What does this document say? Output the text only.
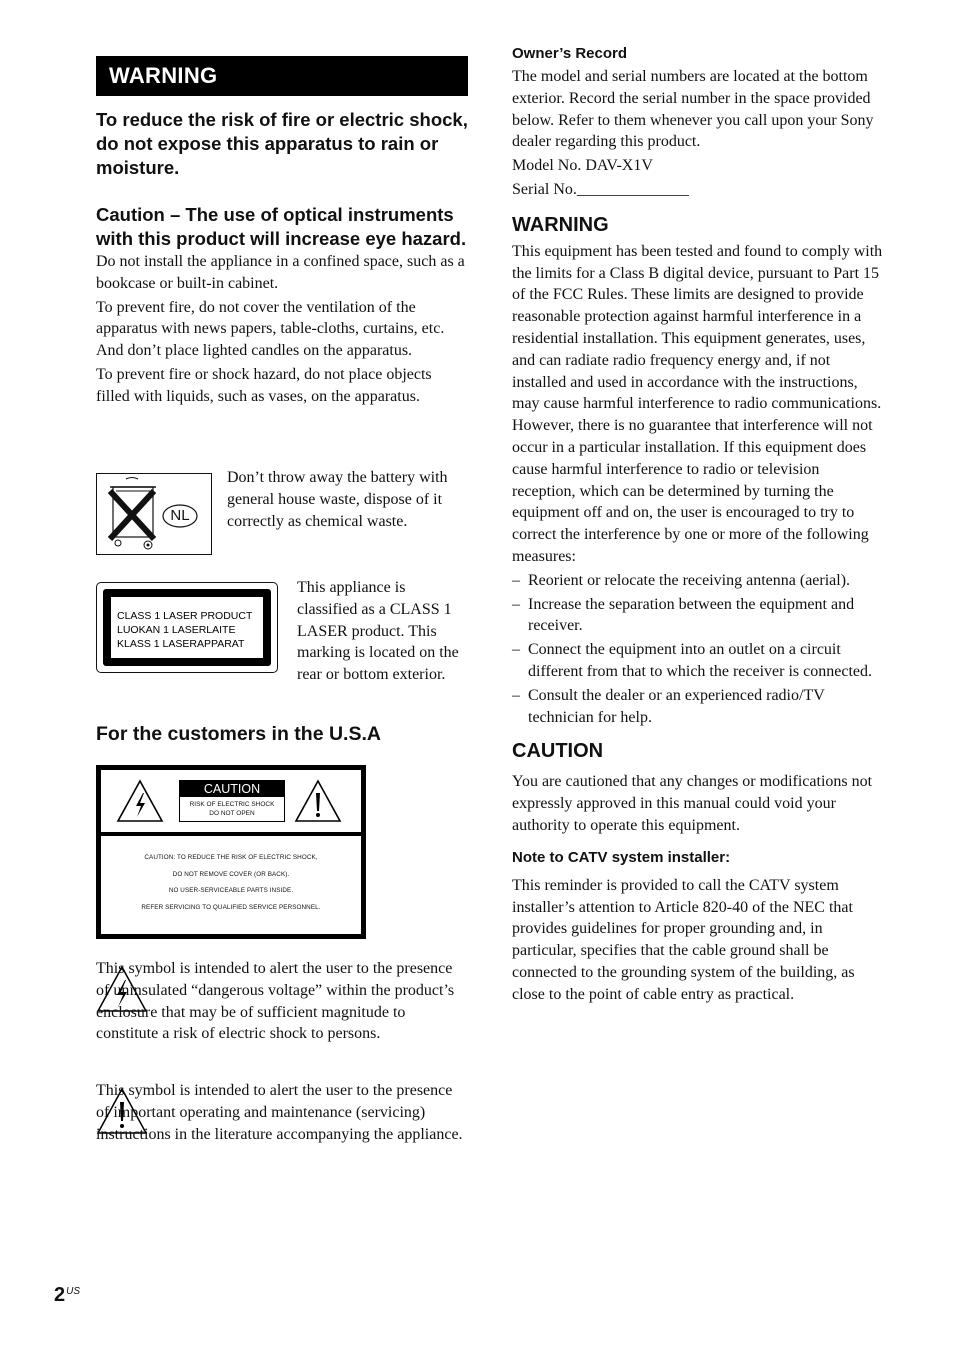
WARNING

To reduce the risk of fire or electric shock, do not expose this apparatus to rain or moisture.

Caution – The use of optical instruments with this product will increase eye hazard.

Do not install the appliance in a confined space, such as a bookcase or built-in cabinet.

To prevent fire, do not cover the ventilation of the apparatus with news papers, table-cloths, curtains, etc. And don’t place lighted candles on the apparatus.

To prevent fire or shock hazard, do not place objects filled with liquids, such as vases, on the apparatus.

NL

Don’t throw away the battery with general house waste, dispose of it correctly as chemical waste.

CLASS 1 LASER PRODUCT
LUOKAN 1 LASERLAITE
KLASS 1 LASERAPPARAT

This appliance is classified as a CLASS 1 LASER product. This marking is located on the rear or bottom exterior.

For the customers in the U.S.A

CAUTION
RISK OF ELECTRIC SHOCK
DO NOT OPEN
CAUTION: TO REDUCE THE RISK OF ELECTRIC SHOCK,
DO NOT REMOVE COVER (OR BACK).
NO USER-SERVICEABLE PARTS INSIDE.
REFER SERVICING TO QUALIFIED SERVICE PERSONNEL.

This symbol is intended to alert the user to the presence of uninsulated “dangerous voltage” within the product’s enclosure that may be of sufficient magnitude to constitute a risk of electric shock to persons.

This symbol is intended to alert the user to the presence of important operating and maintenance (servicing) instructions in the literature accompanying the appliance.

Owner’s Record

The model and serial numbers are located at the bottom exterior. Record the serial number in the space provided below. Refer to them whenever you call upon your Sony dealer regarding this product.

Model No. DAV-X1V

Serial No.______________

WARNING

This equipment has been tested and found to comply with the limits for a Class B digital device, pursuant to Part 15 of the FCC Rules. These limits are designed to provide reasonable protection against harmful interference in a residential installation. This equipment generates, uses, and can radiate radio frequency energy and, if not installed and used in accordance with the instructions, may cause harmful interference to radio communications. However, there is no guarantee that interference will not occur in a particular installation. If this equipment does cause harmful interference to radio or television reception, which can be determined by turning the equipment off and on, the user is encouraged to try to correct the interference by one or more of the following measures:

– Reorient or relocate the receiving antenna (aerial).
– Increase the separation between the equipment and receiver.
– Connect the equipment into an outlet on a circuit different from that to which the receiver is connected.
– Consult the dealer or an experienced radio/TV technician for help.

CAUTION

You are cautioned that any changes or modifications not expressly approved in this manual could void your authority to operate this equipment.

Note to CATV system installer:

This reminder is provided to call the CATV system installer’s attention to Article 820-40 of the NEC that provides guidelines for proper grounding and, in particular, specifies that the cable ground shall be connected to the grounding system of the building, as close to the point of cable entry as practical.

$2^{US}$
